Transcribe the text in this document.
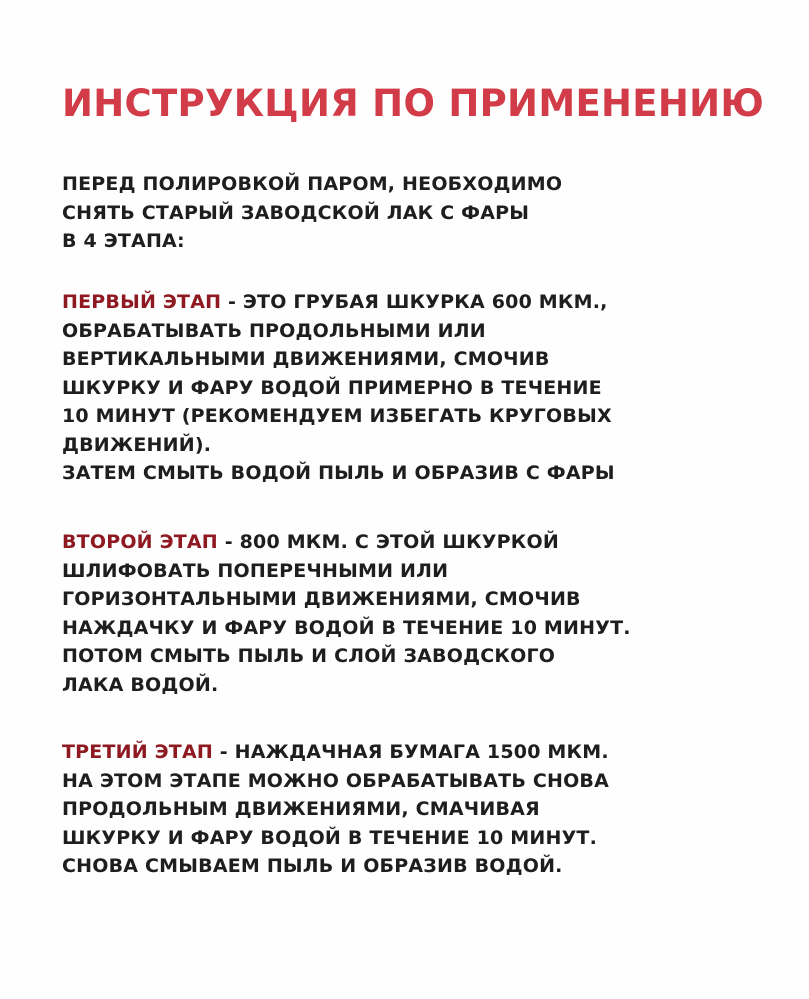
ИНСТРУКЦИЯ ПО ПРИМЕНЕНИЮ
ПЕРЕД ПОЛИРОВКОЙ ПАРОМ, НЕОБХОДИМО
СНЯТЬ СТАРЫЙ ЗАВОДСКОЙ ЛАК С ФАРЫ
В 4 ЭТАПА:
ПЕРВЫЙ ЭТАП - ЭТО ГРУБАЯ ШКУРКА 600 МКМ.,
ОБРАБАТЫВАТЬ ПРОДОЛЬНЫМИ ИЛИ
ВЕРТИКАЛЬНЫМИ ДВИЖЕНИЯМИ, СМОЧИВ
ШКУРКУ И ФАРУ ВОДОЙ ПРИМЕРНО В ТЕЧЕНИЕ
10 МИНУТ (РЕКОМЕНДУЕМ ИЗБЕГАТЬ КРУГОВЫХ
ДВИЖЕНИЙ).
ЗАТЕМ СМЫТЬ ВОДОЙ ПЫЛЬ И ОБРАЗИВ С ФАРЫ
ВТОРОЙ ЭТАП - 800 МКМ. С ЭТОЙ ШКУРКОЙ
ШЛИФОВАТЬ ПОПЕРЕЧНЫМИ ИЛИ
ГОРИЗОНТАЛЬНЫМИ ДВИЖЕНИЯМИ, СМОЧИВ
НАЖДАЧКУ И ФАРУ ВОДОЙ В ТЕЧЕНИЕ 10 МИНУТ.
ПОТОМ СМЫТЬ ПЫЛЬ И СЛОЙ ЗАВОДСКОГО
ЛАКА ВОДОЙ.
ТРЕТИЙ ЭТАП - НАЖДАЧНАЯ БУМАГА 1500 МКМ.
НА ЭТОМ ЭТАПЕ МОЖНО ОБРАБАТЫВАТЬ СНОВА
ПРОДОЛЬНЫМ ДВИЖЕНИЯМИ, СМАЧИВАЯ
ШКУРКУ И ФАРУ ВОДОЙ В ТЕЧЕНИЕ 10 МИНУТ.
СНОВА СМЫВАЕМ ПЫЛЬ И ОБРАЗИВ ВОДОЙ.
